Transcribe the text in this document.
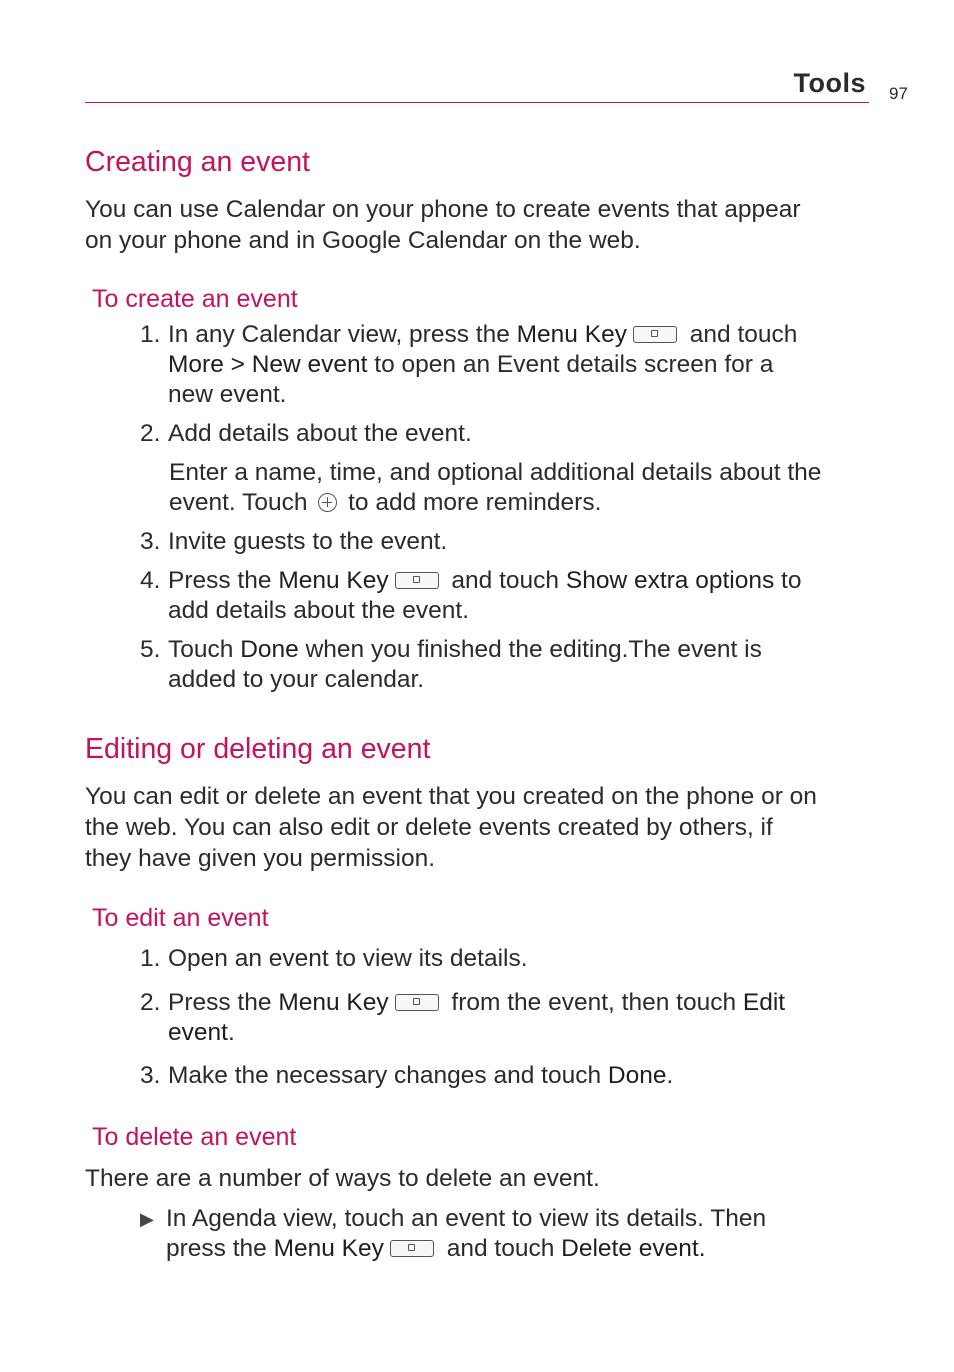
Tools 97
Creating an event

You can use Calendar on your phone to create events that appear
on your phone and in Google Calendar on the web.

To create an event
1. In any Calendar view, press the Menu Key and touch
More > New event to open an Event details screen for a
new event.
2. Add details about the event.
Enter a name, time, and optional additional details about the
event. Touch  to add more reminders.
3. Invite guests to the event.
4. Press the Menu Key and touch Show extra options to
add details about the event.
5. Touch Done when you finished the editing.The event is
added to your calendar.
Editing or deleting an event

You can edit or delete an event that you created on the phone or on
the web. You can also edit or delete events created by others, if
they have given you permission.

To edit an event
1. Open an event to view its details.
2. Press the Menu Key from the event, then touch Edit
event.
3. Make the necessary changes and touch Done.
To delete an event

There are a number of ways to delete an event.

▶ In Agenda view, touch an event to view its details. Then
press the Menu Key and touch Delete event.
